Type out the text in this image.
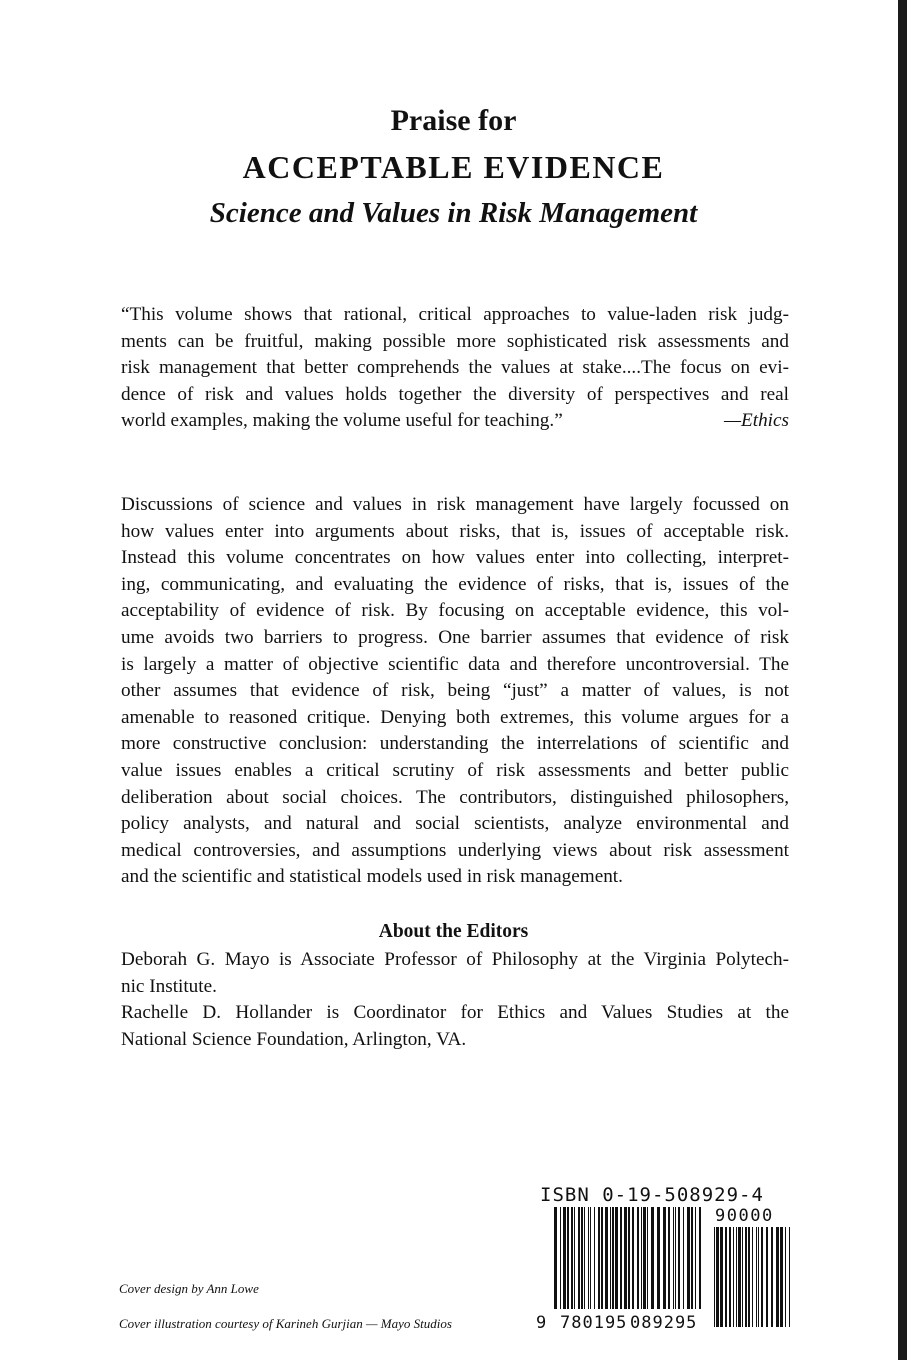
Praise for
ACCEPTABLE EVIDENCE
Science and Values in Risk Management
“This volume shows that rational, critical approaches to value-laden risk judg-
ments can be fruitful, making possible more sophisticated risk assessments and
risk management that better comprehends the values at stake....The focus on evi-
dence of risk and values holds together the diversity of perspectives and real
world examples, making the volume useful for teaching.”	—Ethics
Discussions of science and values in risk management have largely focussed on
how values enter into arguments about risks, that is, issues of acceptable risk.
Instead this volume concentrates on how values enter into collecting, interpret-
ing, communicating, and evaluating the evidence of risks, that is, issues of the
acceptability of evidence of risk. By focusing on acceptable evidence, this vol-
ume avoids two barriers to progress. One barrier assumes that evidence of risk
is largely a matter of objective scientific data and therefore uncontroversial. The
other assumes that evidence of risk, being “just” a matter of values, is not
amenable to reasoned critique. Denying both extremes, this volume argues for a
more constructive conclusion: understanding the interrelations of scientific and
value issues enables a critical scrutiny of risk assessments and better public
deliberation about social choices. The contributors, distinguished philosophers,
policy analysts, and natural and social scientists, analyze environmental and
medical controversies, and assumptions underlying views about risk assessment
and the scientific and statistical models used in risk management.
About the Editors
Deborah G. Mayo is Associate Professor of Philosophy at the Virginia Polytech-
nic Institute.
Rachelle D. Hollander is Coordinator for Ethics and Values Studies at the
National Science Foundation, Arlington, VA.
Cover design by Ann Lowe
Cover illustration courtesy of Karineh Gurjian — Mayo Studios
ISBN 0-19-508929-4
9 780195 089295
90000
